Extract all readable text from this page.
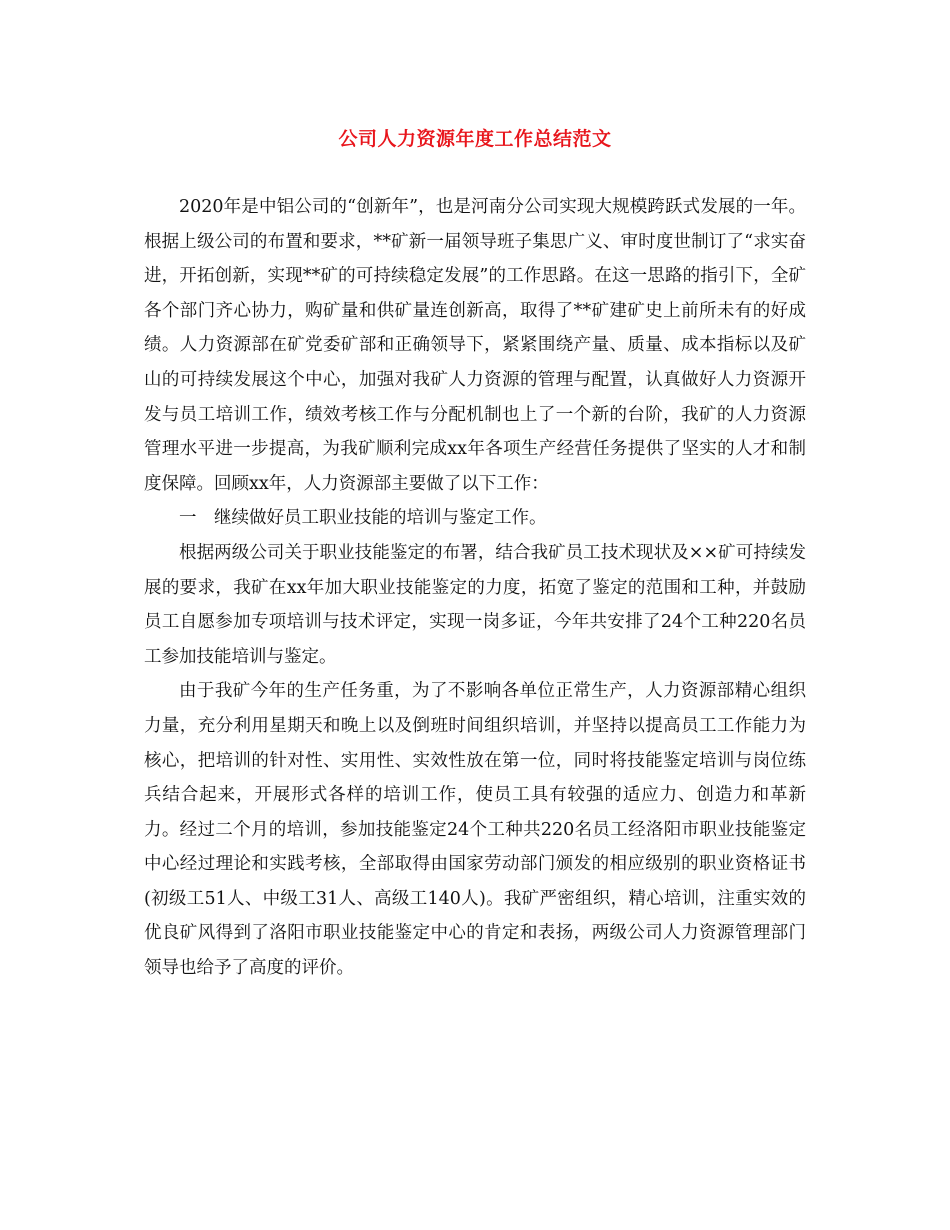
公司人力资源年度工作总结范文

2020年是中铝公司的“创新年”，也是河南分公司实现大规模跨跃式发展的一年。根据上级公司的布置和要求，**矿新一届领导班子集思广义、审时度世制订了“求实奋进，开拓创新，实现**矿的可持续稳定发展”的工作思路。在这一思路的指引下，全矿各个部门齐心协力，购矿量和供矿量连创新高，取得了**矿建矿史上前所未有的好成绩。人力资源部在矿党委矿部和正确领导下，紧紧围绕产量、质量、成本指标以及矿山的可持续发展这个中心，加强对我矿人力资源的管理与配置，认真做好人力资源开发与员工培训工作，绩效考核工作与分配机制也上了一个新的台阶，我矿的人力资源管理水平进一步提高，为我矿顺利完成xx年各项生产经营任务提供了坚实的人才和制度保障。回顾xx年，人力资源部主要做了以下工作：

一　继续做好员工职业技能的培训与鉴定工作。

根据两级公司关于职业技能鉴定的布署，结合我矿员工技术现状及××矿可持续发展的要求，我矿在xx年加大职业技能鉴定的力度，拓宽了鉴定的范围和工种，并鼓励员工自愿参加专项培训与技术评定，实现一岗多证，今年共安排了24个工种220名员工参加技能培训与鉴定。

由于我矿今年的生产任务重，为了不影响各单位正常生产，人力资源部精心组织力量，充分利用星期天和晚上以及倒班时间组织培训，并坚持以提高员工工作能力为核心，把培训的针对性、实用性、实效性放在第一位，同时将技能鉴定培训与岗位练兵结合起来，开展形式各样的培训工作，使员工具有较强的适应力、创造力和革新力。经过二个月的培训，参加技能鉴定24个工种共220名员工经洛阳市职业技能鉴定中心经过理论和实践考核，全部取得由国家劳动部门颁发的相应级别的职业资格证书(初级工51人、中级工31人、高级工140人)。我矿严密组织，精心培训，注重实效的优良矿风得到了洛阳市职业技能鉴定中心的肯定和表扬，两级公司人力资源管理部门领导也给予了高度的评价。
